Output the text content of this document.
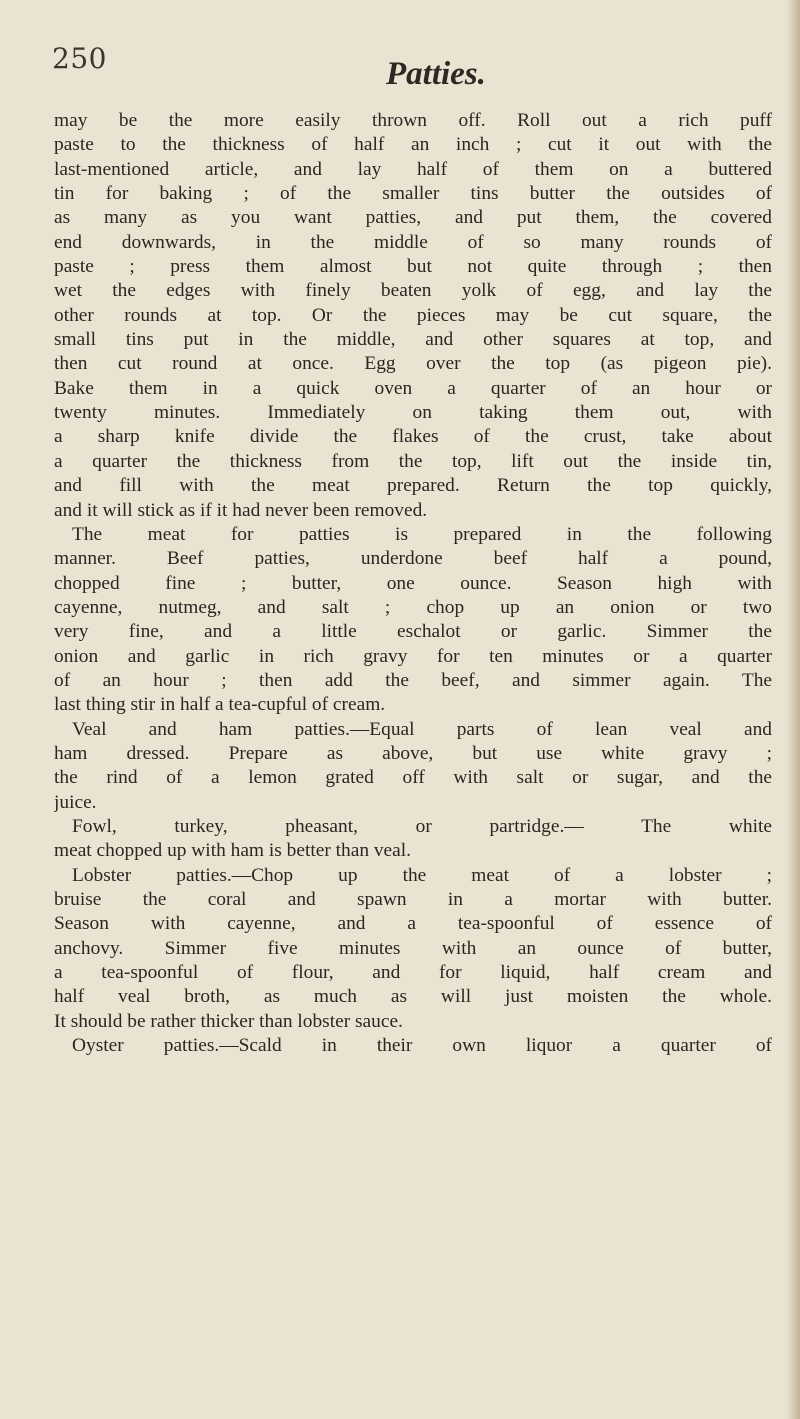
250	Patties.
may be the more easily thrown off. Roll out a rich puff
paste to the thickness of half an inch ; cut it out with the
last-mentioned article, and lay half of them on a buttered
tin for baking ; of the smaller tins butter the outsides of
as many as you want patties, and put them, the covered
end downwards, in the middle of so many rounds of
paste ; press them almost but not quite through ; then
wet the edges with finely beaten yolk of egg, and lay the
other rounds at top. Or the pieces may be cut square, the
small tins put in the middle, and other squares at top, and
then cut round at once. Egg over the top (as pigeon pie).
Bake them in a quick oven a quarter of an hour or
twenty minutes. Immediately on taking them out, with
a sharp knife divide the flakes of the crust, take about
a quarter the thickness from the top, lift out the inside tin,
and fill with the meat prepared. Return the top quickly,
and it will stick as if it had never been removed.
The meat for patties is prepared in the following
manner. Beef patties, underdone beef half a pound,
chopped fine ; butter, one ounce. Season high with
cayenne, nutmeg, and salt ; chop up an onion or two
very fine, and a little eschalot or garlic. Simmer the
onion and garlic in rich gravy for ten minutes or a quarter
of an hour ; then add the beef, and simmer again. The
last thing stir in half a tea-cupful of cream.
Veal and ham patties.—Equal parts of lean veal and
ham dressed. Prepare as above, but use white gravy ;
the rind of a lemon grated off with salt or sugar, and the
juice.
Fowl, turkey, pheasant, or partridge.— The white
meat chopped up with ham is better than veal.
Lobster patties.—Chop up the meat of a lobster ;
bruise the coral and spawn in a mortar with butter.
Season with cayenne, and a tea-spoonful of essence of
anchovy. Simmer five minutes with an ounce of butter,
a tea-spoonful of flour, and for liquid, half cream and
half veal broth, as much as will just moisten the whole.
It should be rather thicker than lobster sauce.
Oyster patties.—Scald in their own liquor a quarter of
